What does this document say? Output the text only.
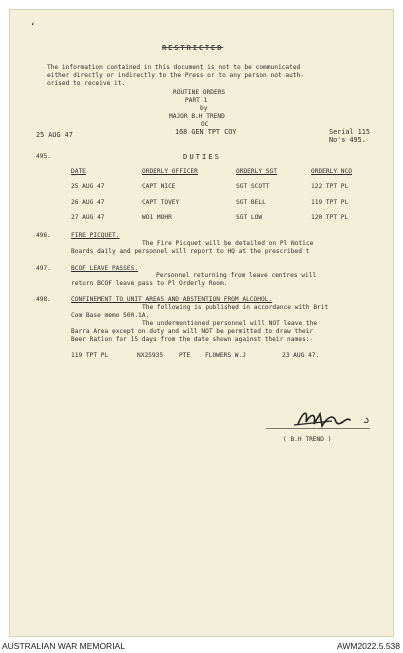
ʻ
RESTRICTED
The information contained in this document is not to be communicated
either directly or indirectly to the Press or to any person not auth-
orised to receive it.
ROUTINE ORDERS
PART 1
by
MAJOR B.H TREND
OC
25 AUG 47	168 GEN TPT COY	Serial 115
No's 495.
495.	DUTIES
DATE	ORDERLY OFFICER	ORDERLY SGT	ORDERLY NCO
25 AUG 47	CAPT NICE	SGT SCOTT	122 TPT PL
26 AUG 47	CAPT TOVEY	SGT BELL	119 TPT PL
27 AUG 47	WO1 MOHR	SGT LOW	120 TPT PL
496.	FIRE PICQUET.
The Fire Picquet will be detailed on Pl Notice
Boards daily and personnel will report to HQ at the prescribed t
497.	BCOF LEAVE PASSES.
Personnel returning from leave centres will
return BCOF leave pass to Pl Orderly Room.
498.	CONFINEMENT TO UNIT AREAS AND ABSTENTION FROM ALCOHOL.
The following is published in accordance with Brit
Com Base memo 500.1A.
The undermentioned personnel will NOT leave the
Barra Area except on duty and will NOT be permitted to draw their
Beer Ration for 15 days from the date shown against their names:-
119 TPT PL	NX25935	PTE FLOWERS W.J	23 AUG 47.
( B.H TREND )
AUSTRALIAN WAR MEMORIAL	AWM2022.5.538
